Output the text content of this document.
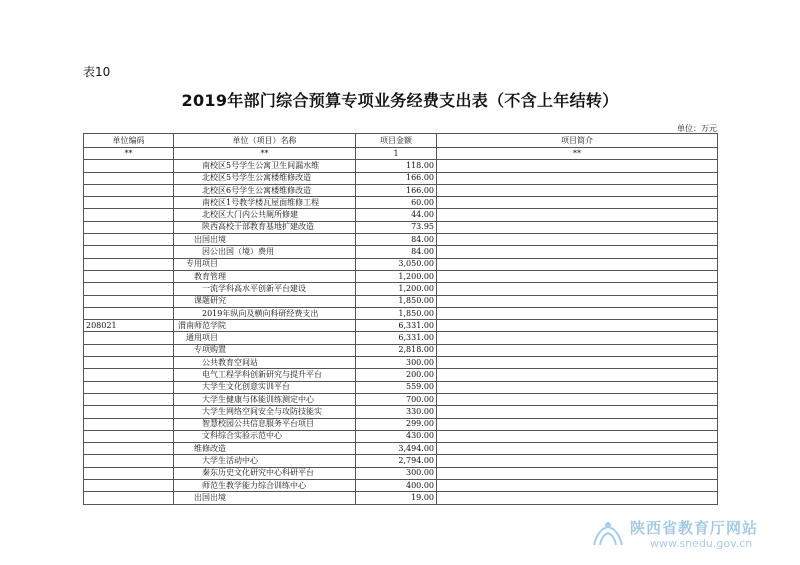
表10
2019年部门综合预算专项业务经费支出表（不含上年结转）
单位：万元
单位编码	单位（项目）名称	项目金额	项目简介
**	**	1	**
	南校区5号学生公寓卫生间漏水维	118.00	
	北校区5号学生公寓楼维修改造	166.00	
	北校区6号学生公寓楼维修改造	166.00	
	南校区1号教学楼瓦屋面维修工程	60.00	
	北校区大门内公共厕所修建	44.00	
	陕西高校干部教育基地扩建改造	73.95	
	出国出境	84.00	
	因公出国（境）费用	84.00	
	专用项目	3,050.00	
	教育管理	1,200.00	
	一流学科高水平创新平台建设	1,200.00	
	课题研究	1,850.00	
	2019年纵向及横向科研经费支出	1,850.00	
208021	渭南师范学院	6,331.00	
	通用项目	6,331.00	
	专项购置	2,818.00	
	公共教育空间站	300.00	
	电气工程学科创新研究与提升平台	200.00	
	大学生文化创意实训平台	559.00	
	大学生健康与体能训练测定中心	700.00	
	大学生网络空间安全与攻防技能实	330.00	
	智慧校园公共信息服务平台项目	299.00	
	文科综合实验示范中心	430.00	
	维修改造	3,494.00	
	大学生活动中心	2,794.00	
	秦东历史文化研究中心科研平台	300.00	
	师范生教学能力综合训练中心	400.00	
	出国出境	19.00	
陕西省教育厅网站
www.snedu.gov.cn
